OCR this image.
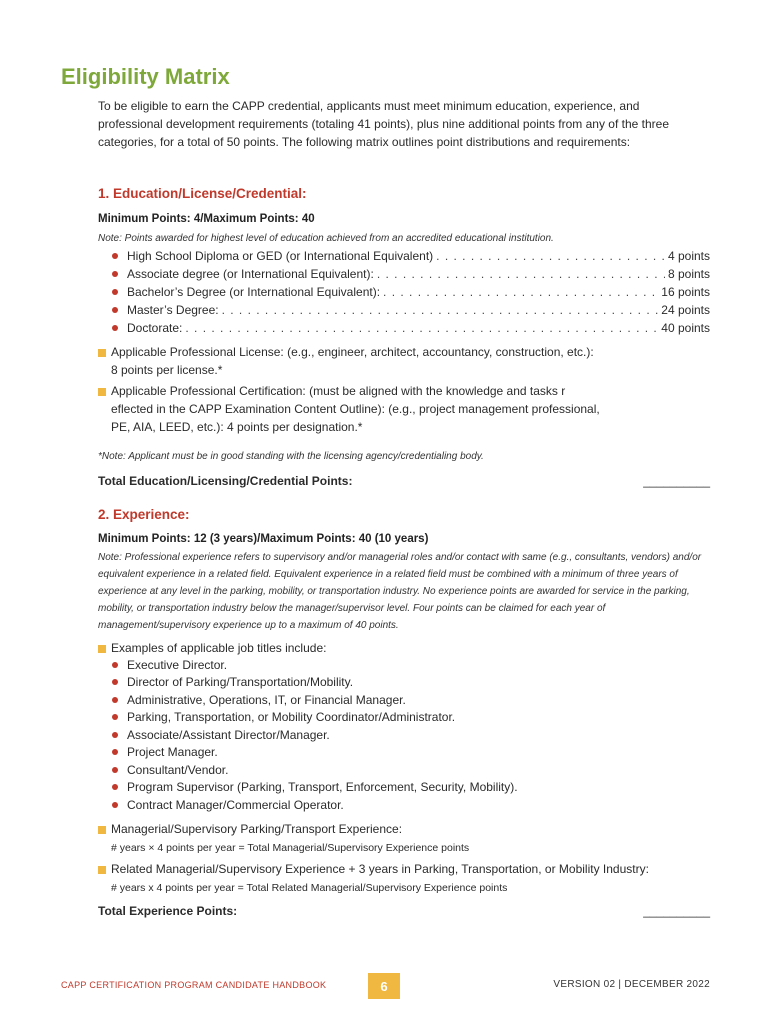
Eligibility Matrix

To be eligible to earn the CAPP credential, applicants must meet minimum education, experience, and professional development requirements (totaling 41 points), plus nine additional points from any of the three categories, for a total of 50 points. The following matrix outlines point distributions and requirements:

1. Education/License/Credential:

Minimum Points: 4/Maximum Points: 40

Note: Points awarded for highest level of education achieved from an accredited educational institution.

High School Diploma or GED (or International Equivalent) . . .	4 points
Associate degree (or International Equivalent): . . .	8 points
Bachelor’s Degree (or International Equivalent): . . .	16 points
Master’s Degree: . . .	24 points
Doctorate: . . .	40 points

Applicable Professional License: (e.g., engineer, architect, accountancy, construction, etc.):
8 points per license.*

Applicable Professional Certification: (must be aligned with the knowledge and tasks r
eflected in the CAPP Examination Content Outline): (e.g., project management professional,
PE, AIA, LEED, etc.): 4 points per designation.*

*Note: Applicant must be in good standing with the licensing agency/credentialing body.

Total Education/Licensing/Credential Points:	__________

2. Experience:

Minimum Points: 12 (3 years)/Maximum Points: 40 (10 years)

Note: Professional experience refers to supervisory and/or managerial roles and/or contact with same (e.g., consultants, vendors) and/or equivalent experience in a related field. Equivalent experience in a related field must be combined with a minimum of three years of experience at any level in the parking, mobility, or transportation industry. No experience points are awarded for service in the parking, mobility, or transportation industry below the manager/supervisor level. Four points can be claimed for each year of management/supervisory experience up to a maximum of 40 points.

Examples of applicable job titles include:

Executive Director.
Director of Parking/Transportation/Mobility.
Administrative, Operations, IT, or Financial Manager.
Parking, Transportation, or Mobility Coordinator/Administrator.
Associate/Assistant Director/Manager.
Project Manager.
Consultant/Vendor.
Program Supervisor (Parking, Transport, Enforcement, Security, Mobility).
Contract Manager/Commercial Operator.

Managerial/Supervisory Parking/Transport Experience:
# years × 4 points per year = Total Managerial/Supervisory Experience points

Related Managerial/Supervisory Experience + 3 years in Parking, Transportation, or Mobility Industry:
# years x 4 points per year = Total Related Managerial/Supervisory Experience points

Total Experience Points:	__________

CAPP CERTIFICATION PROGRAM CANDIDATE HANDBOOK	6	VERSION 02 | DECEMBER 2022
